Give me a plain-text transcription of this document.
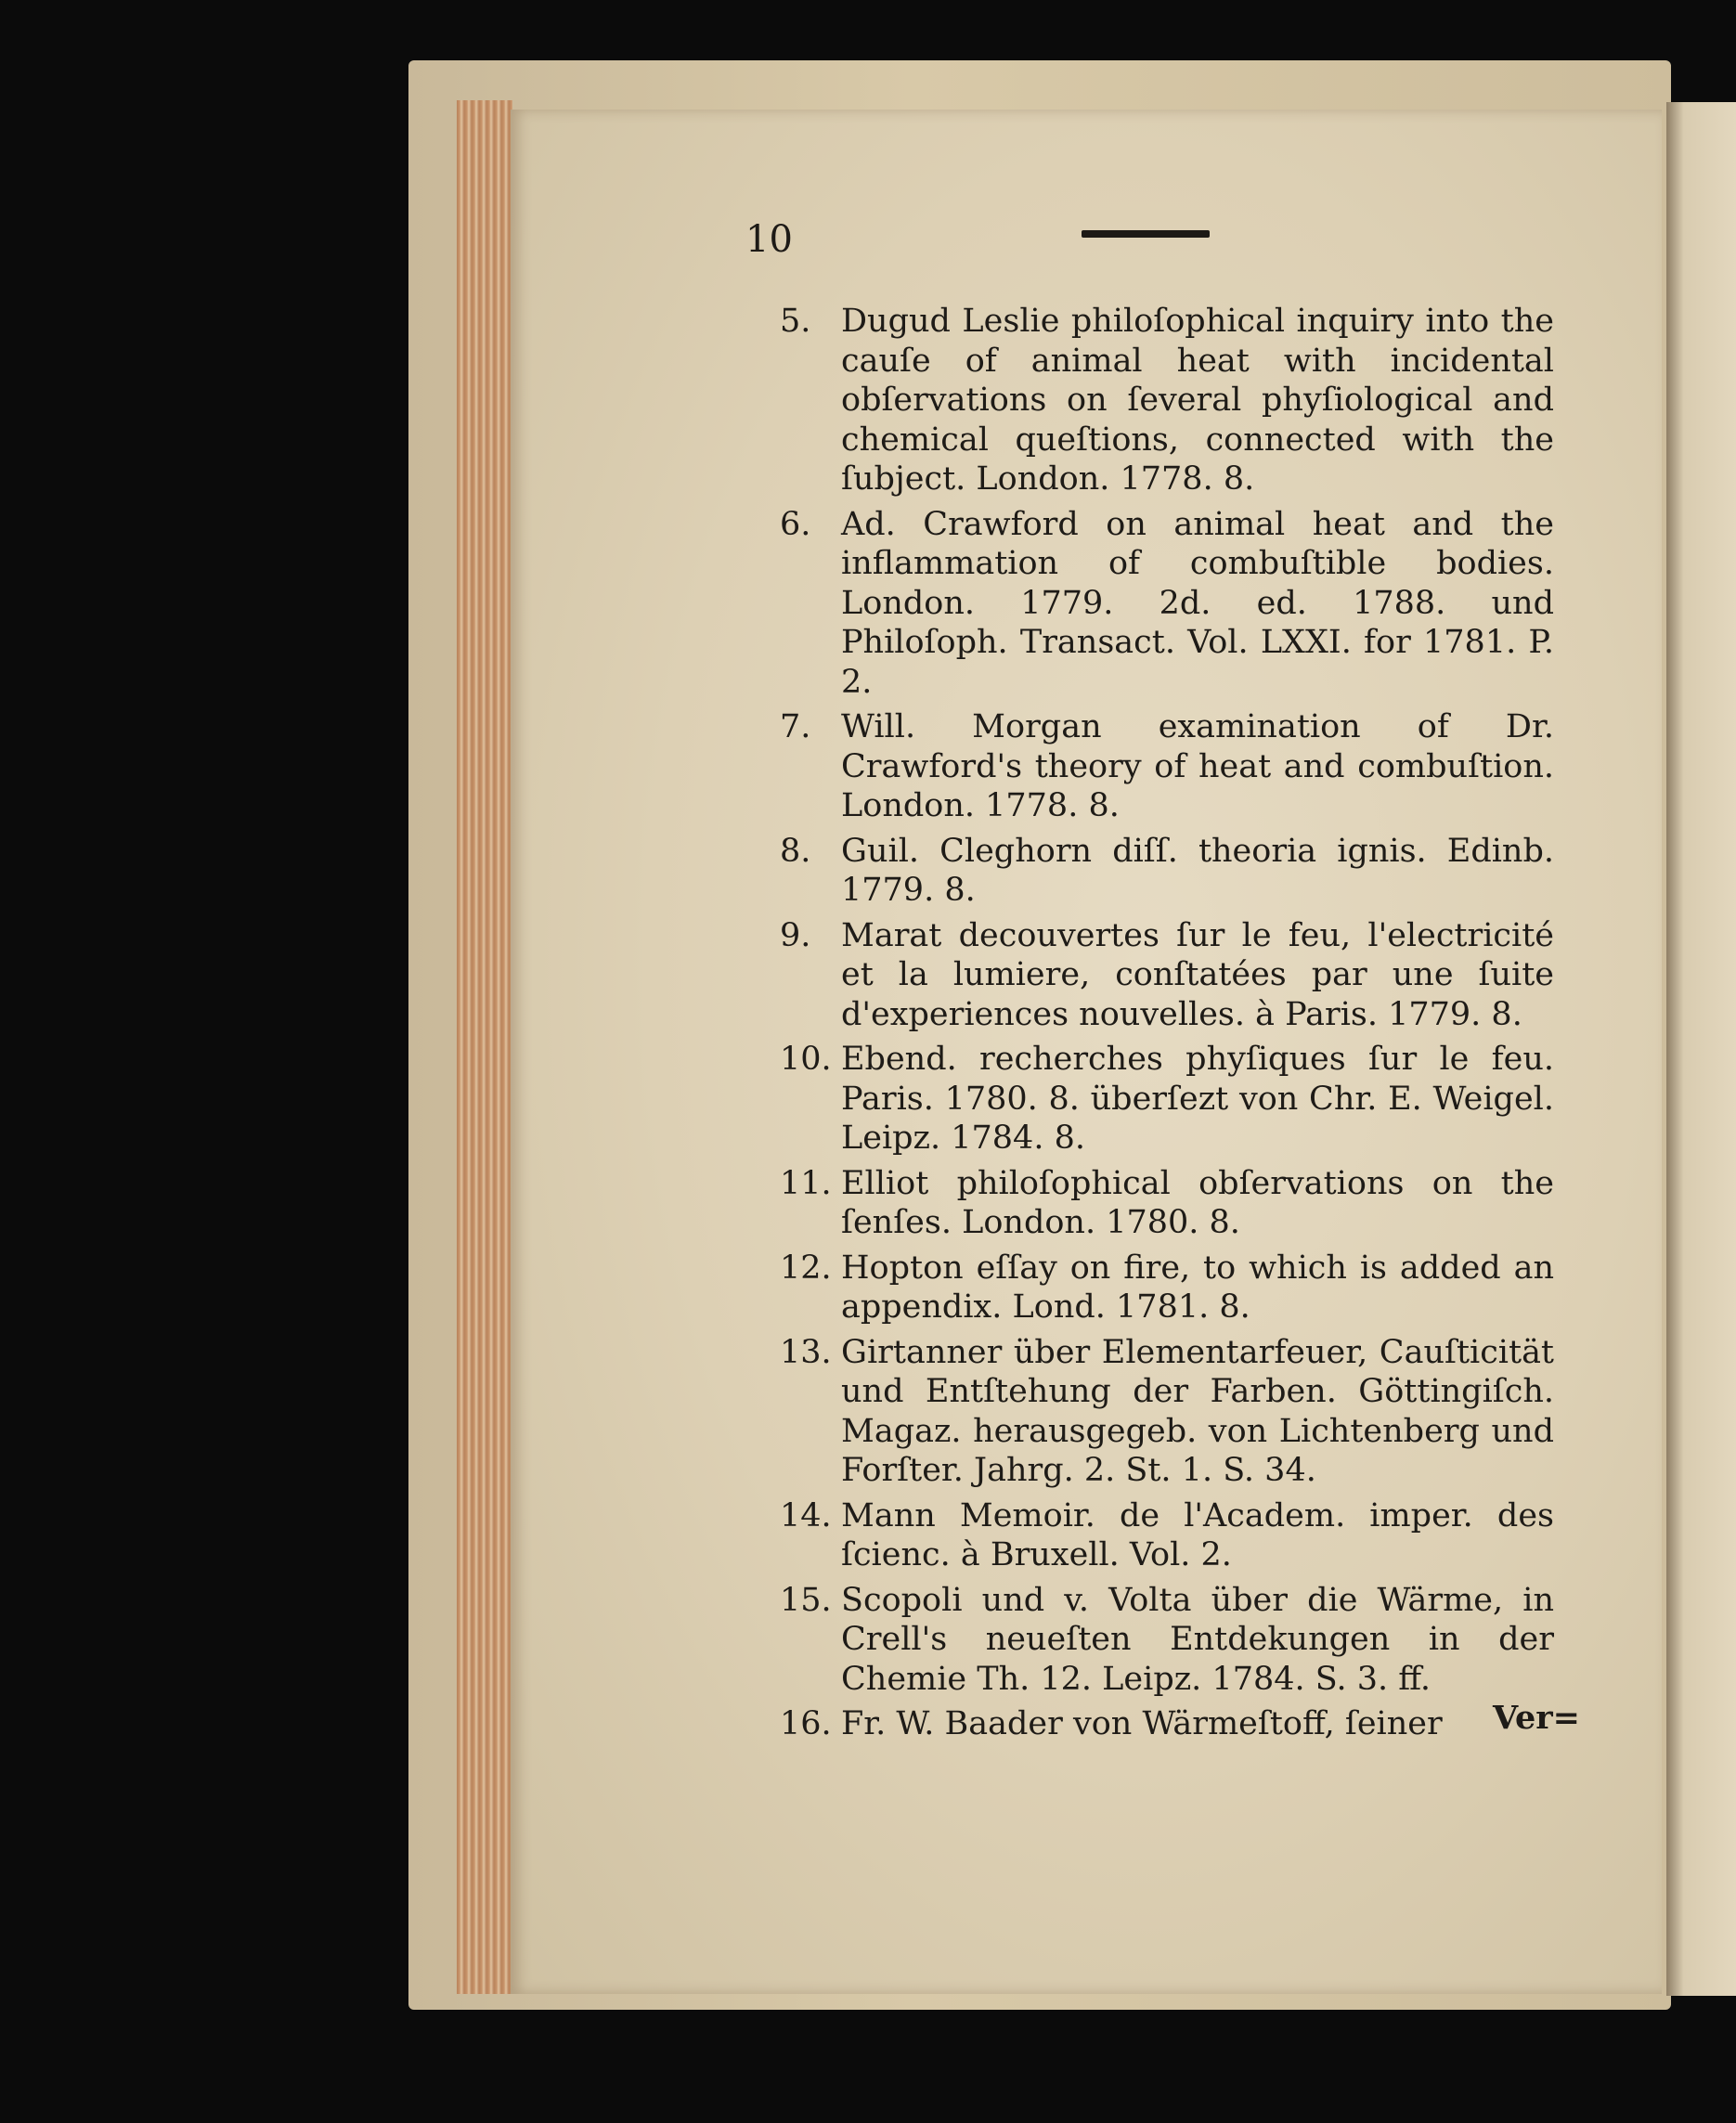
10

5. Dugud Leslie philoſophical inquiry into the cauſe of animal heat with incidental obſervations on ſeveral phyſiological and chemical queſtions, connected with the ſubject. London. 1778. 8.
6. Ad. Crawford on animal heat and the inflammation of combuſtible bodies. London. 1779. 2d. ed. 1788. und Philoſoph. Transact. Vol. LXXI. for 1781. P. 2.
7. Will. Morgan examination of Dr. Crawford's theory of heat and combuſtion. London. 1778. 8.
8. Guil. Cleghorn diſſ. theoria ignis. Edinb. 1779. 8.
9. Marat decouvertes ſur le feu, l'electricité et la lumiere, conſtatées par une ſuite d'experiences nouvelles. à Paris. 1779. 8.
10. Ebend. recherches phyſiques ſur le feu. Paris. 1780. 8. überſezt von Chr. E. Weigel. Leipz. 1784. 8.
11. Elliot philoſophical obſervations on the ſenſes. London. 1780. 8.
12. Hopton eſſay on fire, to which is added an appendix. Lond. 1781. 8.
13. Girtanner über Elementarfeuer, Cauſticität und Entſtehung der Farben. Göttingiſch. Magaz. herausgegeb. von Lichtenberg und Forſter. Jahrg. 2. St. 1. S. 34.
14. Mann Memoir. de l'Academ. imper. des ſcienc. à Bruxell. Vol. 2.
15. Scopoli und v. Volta über die Wärme, in Crell's neueſten Entdekungen in der Chemie Th. 12. Leipz. 1784. S. 3. ff.
16. Fr. W. Baader von Wärmeſtoff, ſeiner	Ver=
